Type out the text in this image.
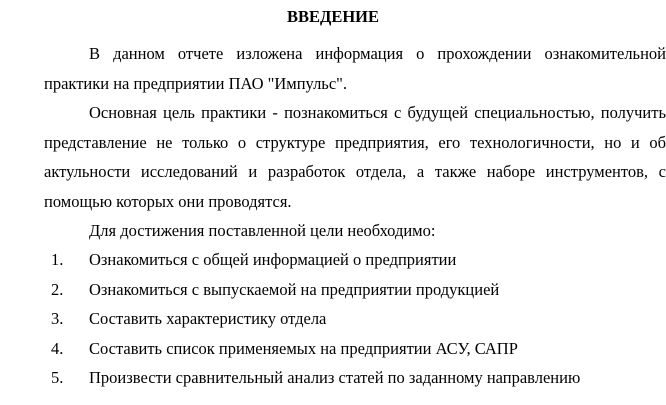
ВВЕДЕНИЕ

В данном отчете изложена информация о прохождении ознакомительной практики на предприятии ПАО "Импульс".

Основная цель практики - познакомиться с будущей специальностью, получить представление не только о структуре предприятия, его технологичности, но и об актульности исследований и разработок отдела, а также наборе инструментов, с помощью которых они проводятся.

Для достижения поставленной цели необходимо:

1. Ознакомиться с общей информацией о предприятии
2. Ознакомиться с выпускаемой на предприятии продукцией
3. Составить характеристику отдела
4. Составить список применяемых на предприятии АСУ, САПР
5. Произвести сравнительный анализ статей по заданному направлению
